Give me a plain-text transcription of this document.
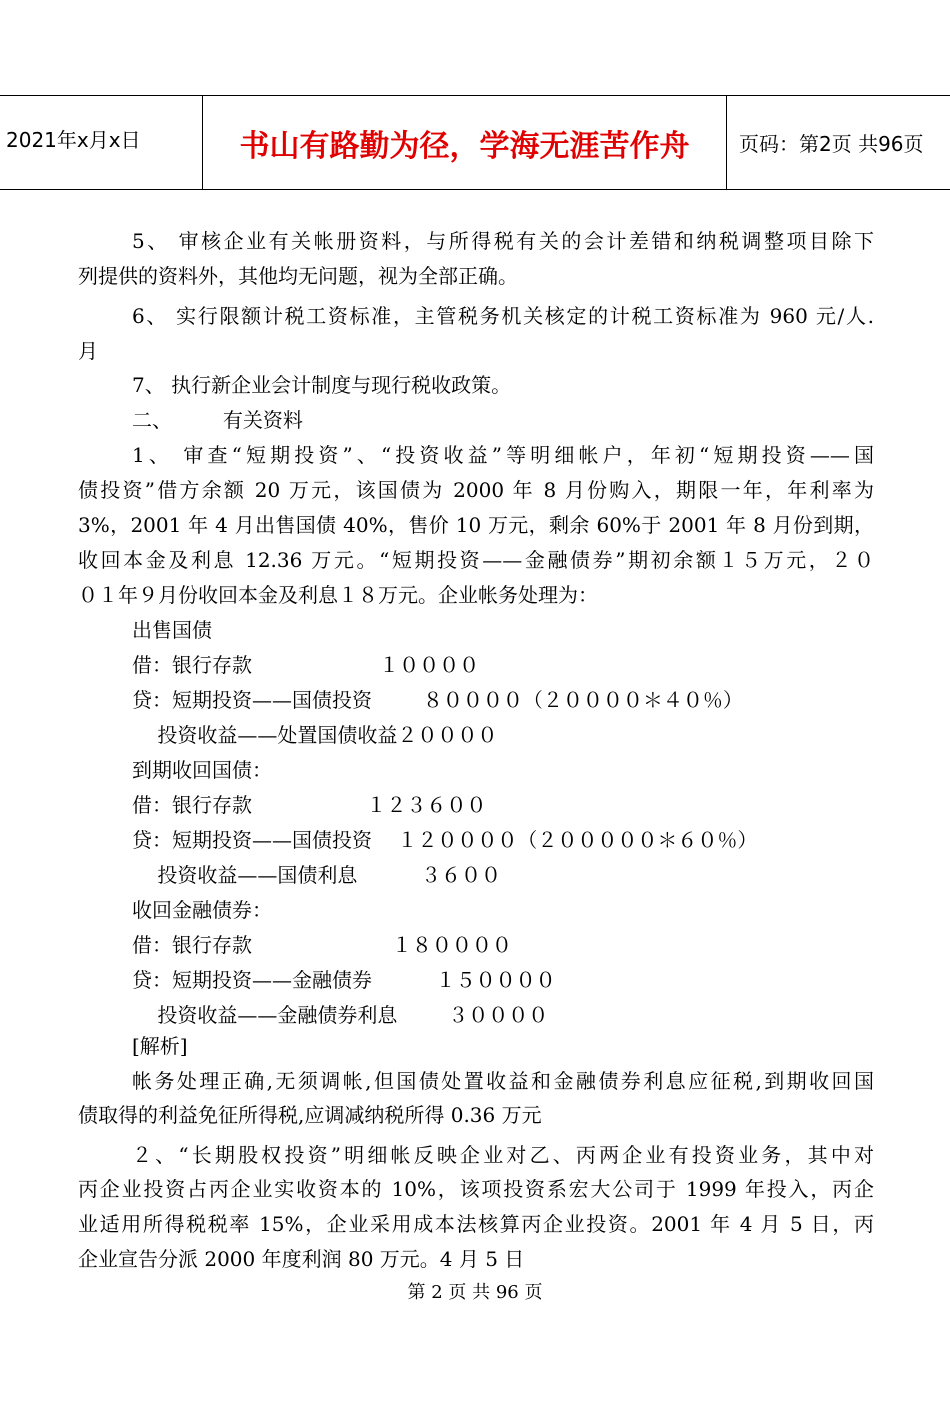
2021年x月x日	书山有路勤为径，学海无涯苦作舟	页码：第2页 共96页
5、 审核企业有关帐册资料，与所得税有关的会计差错和纳税调整项目除下
列提供的资料外，其他均无问题，视为全部正确。
6、 实行限额计税工资标准，主管税务机关核定的计税工资标准为 960 元/人.
月
7、 执行新企业会计制度与现行税收政策。
二、        有关资料
1、 审查“短期投资”、“投资收益”等明细帐户，年初“短期投资——国
债投资”借方余额 20 万元，该国债为 2000 年 8 月份购入，期限一年，年利率为
3%，2001 年 4 月出售国债 40%，售价 10 万元，剩余 60%于 2001 年 8 月份到期，
收回本金及利息 12.36 万元。“短期投资——金融债券”期初余额１５万元，２０
０１年９月份收回本金及利息１８万元。企业帐务处理为：
出售国债
借：银行存款                    １００００
贷：短期投资——国债投资        ８００００（２００００＊４０％）
投资收益——处置国债收益２００００
到期收回国债：
借：银行存款                  １２３６００
贷：短期投资——国债投资    １２００００（２０００００＊６０％）
投资收益——国债利息          ３６００
收回金融债券：
借：银行存款                      １８００００
贷：短期投资——金融债券          １５００００
投资收益——金融债券利息        ３００００
[解析]
帐务处理正确,无须调帐,但国债处置收益和金融债券利息应征税,到期收回国
债取得的利益免征所得税,应调减纳税所得 0.36 万元
２、“长期股权投资”明细帐反映企业对乙、丙两企业有投资业务，其中对
丙企业投资占丙企业实收资本的 10%，该项投资系宏大公司于 1999 年投入，丙企
业适用所得税税率 15%，企业采用成本法核算丙企业投资。2001 年 4 月 5 日，丙
企业宣告分派 2000 年度利润 80 万元。4 月 5 日
第 2 页 共 96 页
